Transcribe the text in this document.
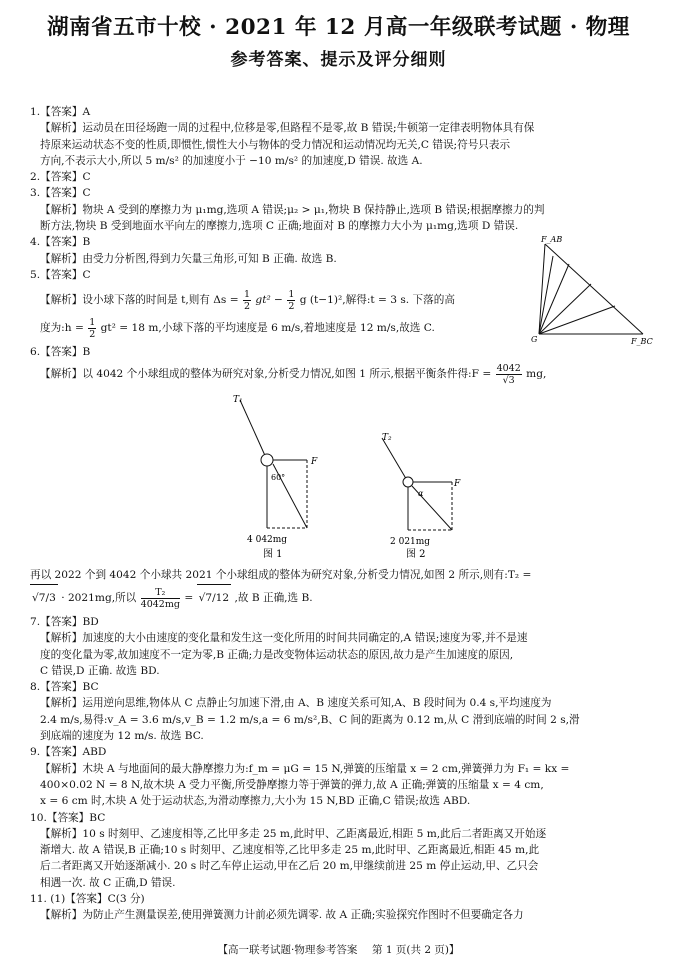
湖南省五市十校 · 2021 年 12 月高一年级联考试题 · 物理
参考答案、提示及评分细则
1.【答案】A
【解析】运动员在田径场跑一周的过程中,位移是零,但路程不是零,故 B 错误;牛顿第一定律表明物体具有保
持原来运动状态不变的性质,即惯性,惯性大小与物体的受力情况和运动情况均无关,C 错误;符号只表示
方向,不表示大小,所以 5 m/s² 的加速度小于 −10 m/s² 的加速度,D 错误. 故选 A.
2.【答案】C
3.【答案】C
【解析】物块 A 受到的摩擦力为 μ₁mg,选项 A 错误;μ₂ > μ₁,物块 B 保持静止,选项 B 错误;根据摩擦力的判
断方法,物块 B 受到地面水平向左的摩擦力,选项 C 正确;地面对 B 的摩擦力大小为 μ₁mg,选项 D 错误.
4.【答案】B
【解析】由受力分析图,得到力矢量三角形,可知 B 正确. 故选 B.
5.【答案】C
【解析】设小球下落的时间是 t,则有 $\Delta s = \frac{1}{2} gt^2 - \frac{1}{2}$ g (t−1)²,解得:t = 3 s. 下落的高
度为:h = $\frac{1}{2} gt^2 = 18$ m,小球下落的平均速度是 6 m/s,着地速度是 12 m/s,故选 C.
6.【答案】B
【解析】以 4042 个小球组成的整体为研究对象,分析受力情况,如图 1 所示,根据平衡条件得:F = $\frac{4042}{√3}$ mg,
F_AB
F_BC
G
T₁
F
60°
4 042mg
图 1
T₂
F
α
2 021mg
图 2
再以 2022 个到 4042 个小球共 2021 个小球组成的整体为研究对象,分析受力情况,如图 2 所示,则有:T₂ =
√7/3 · 2021mg,所以 $\frac{\text{T₂}}{4042mg} = √7/12$ ,故 B 正确,选 B.
7.【答案】BD
【解析】加速度的大小由速度的变化量和发生这一变化所用的时间共同确定的,A 错误;速度为零,并不是速
度的变化量为零,故加速度不一定为零,B 正确;力是改变物体运动状态的原因,故力是产生加速度的原因,
C 错误,D 正确. 故选 BD.
8.【答案】BC
【解析】运用逆向思维,物体从 C 点静止匀加速下滑,由 A、B 速度关系可知,A、B 段时间为 0.4 s,平均速度为
2.4 m/s,易得:v_A = 3.6 m/s,v_B = 1.2 m/s,a = 6 m/s²,B、C 间的距离为 0.12 m,从 C 滑到底端的时间 2 s,滑
到底端的速度为 12 m/s. 故选 BC.
9.【答案】ABD
【解析】木块 A 与地面间的最大静摩擦力为:f_m = μG = 15 N,弹簧的压缩量 x = 2 cm,弹簧弹力为 F₁ = kx =
400×0.02 N = 8 N,故木块 A 受力平衡,所受静摩擦力等于弹簧的弹力,故 A 正确;弹簧的压缩量 x = 4 cm,
x = 6 cm 时,木块 A 处于运动状态,为滑动摩擦力,大小为 15 N,BD 正确,C 错误;故选 ABD.
10.【答案】BC
【解析】10 s 时刻甲、乙速度相等,乙比甲多走 25 m,此时甲、乙距离最近,相距 5 m,此后二者距离又开始逐
渐增大. 故 A 错误,B 正确;10 s 时刻甲、乙速度相等,乙比甲多走 25 m,此时甲、乙距离最近,相距 45 m,此
后二者距离又开始逐渐减小. 20 s 时乙车停止运动,甲在乙后 20 m,甲继续前进 25 m 停止运动,甲、乙只会
相遇一次. 故 C 正确,D 错误.
11. (1)【答案】C(3 分)
【解析】为防止产生测量误差,使用弹簧测力计前必须先调零. 故 A 正确;实验探究作图时不但要确定各力
【高一联考试题·物理参考答案 第 1 页(共 2 页)】
